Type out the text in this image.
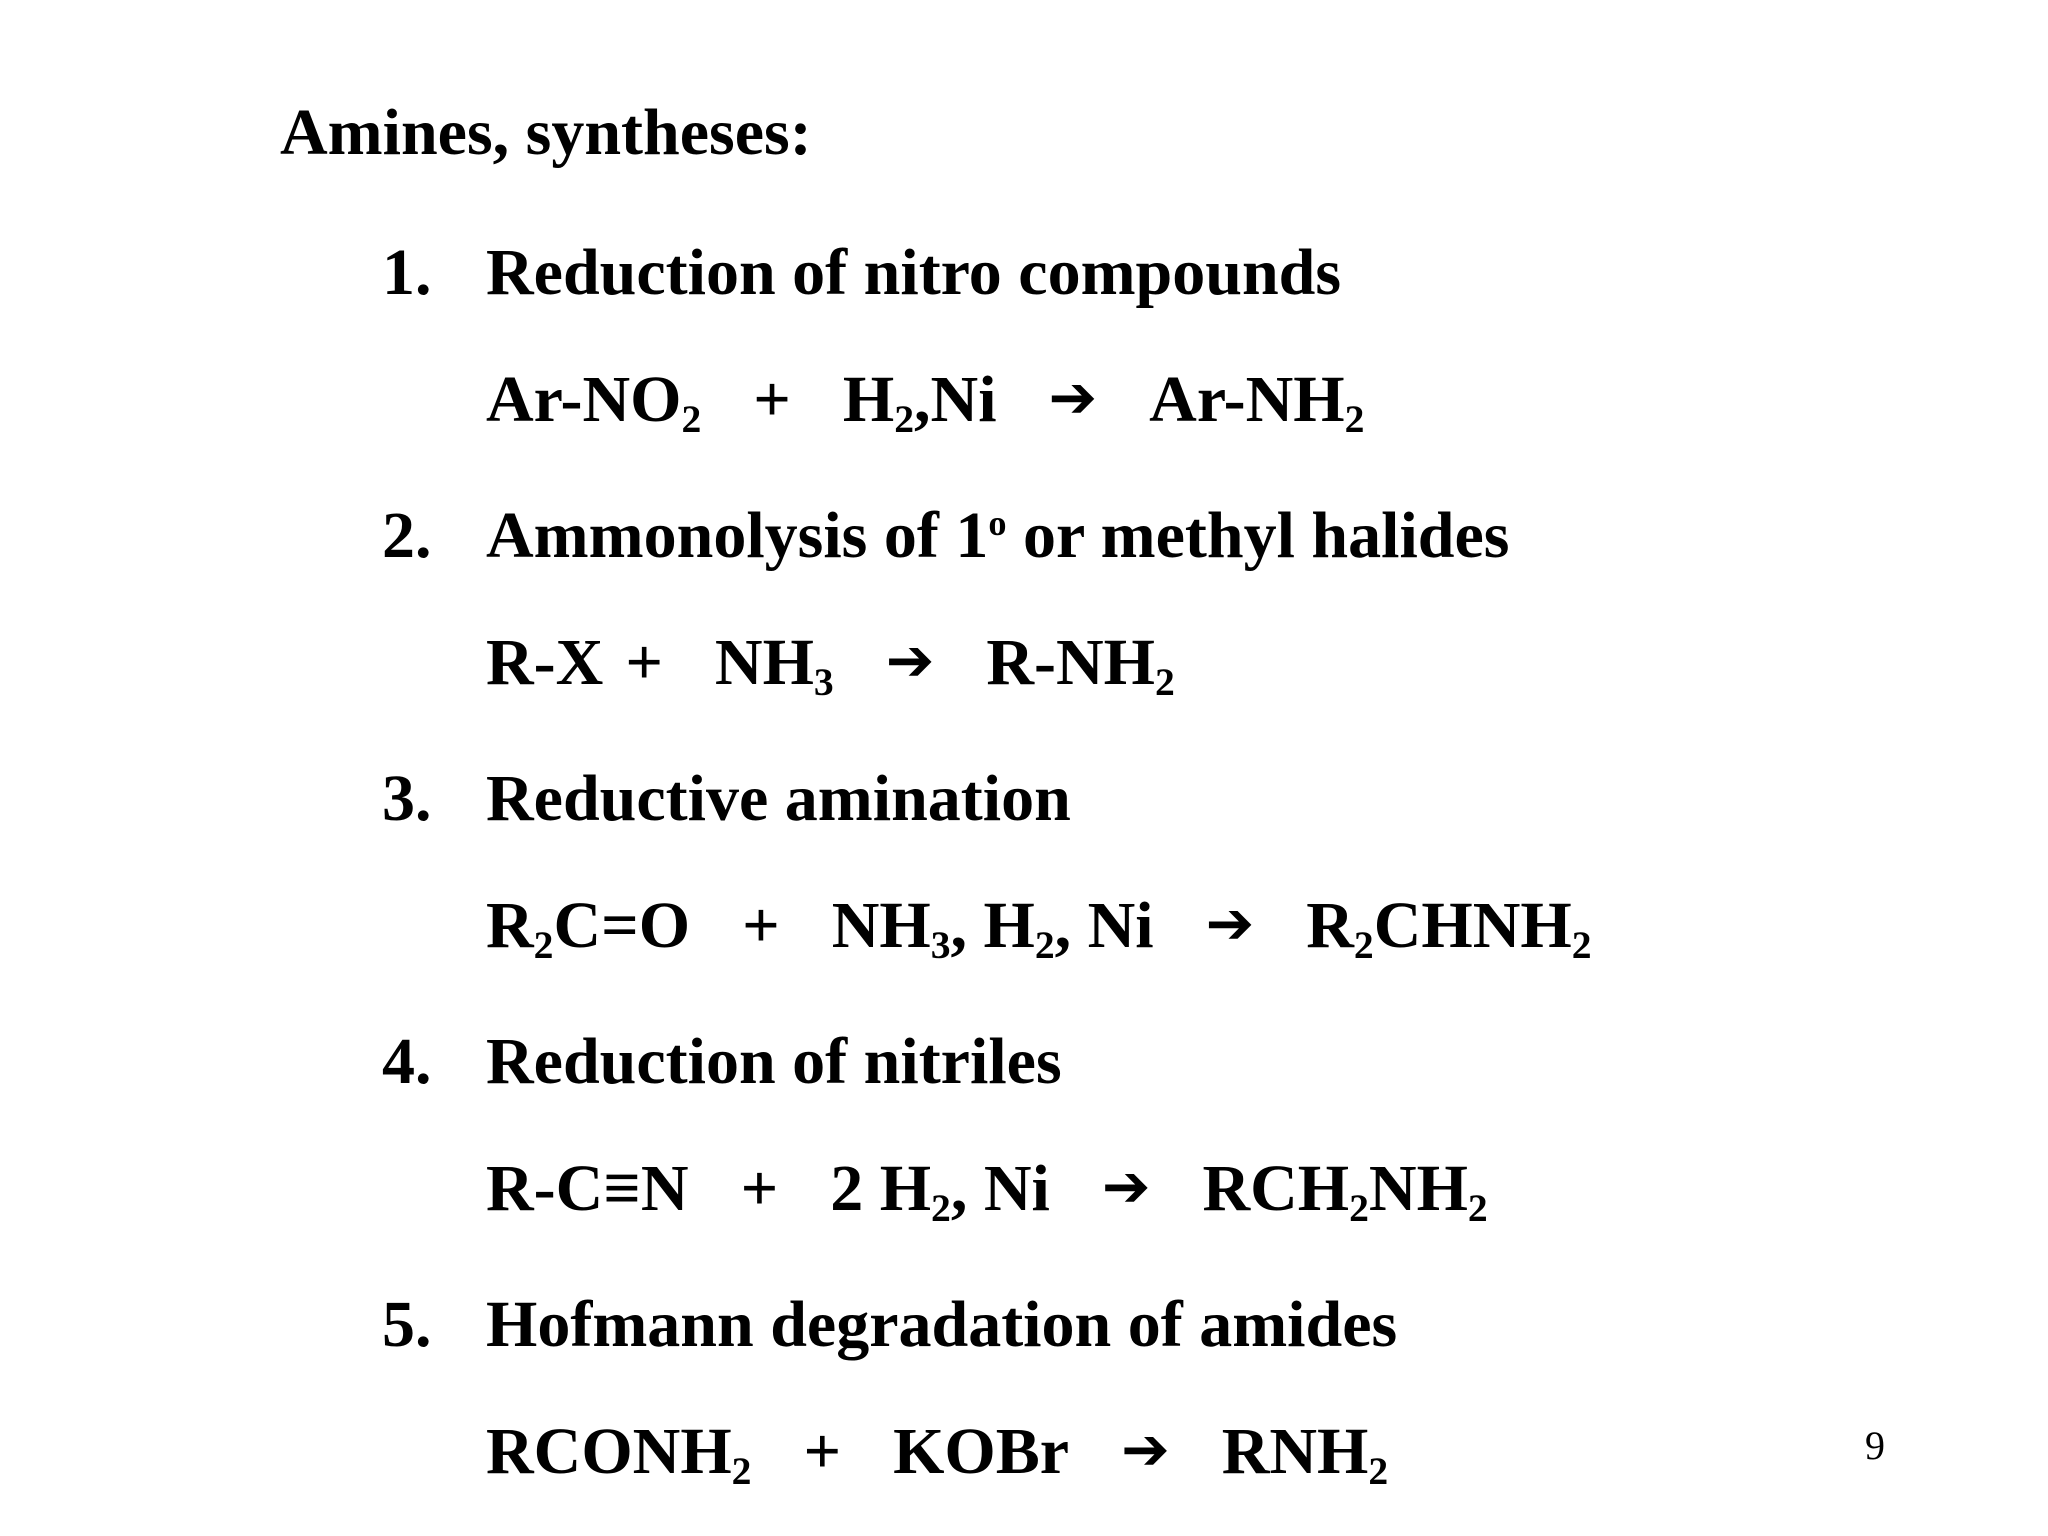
Amines, syntheses:
1. Reduction of nitro compounds
$Ar-NO_2 + H_2,Ni$ ➔ $Ar-NH_2$
2. Ammonolysis of 1$^o$ or methyl halides
$R-X + NH_3$ ➔ $R-NH_2$
3. Reductive amination
$R_2C=O + NH_3$, $H_2$, Ni ➔ $R_2CHNH_2$
4. Reduction of nitriles
R-C≡N + 2 $H_2$, Ni ➔ $RCH_2NH_2$
5. Hofmann degradation of amides
$RCONH_2$ + KOBr ➔ $RNH_2$
9
